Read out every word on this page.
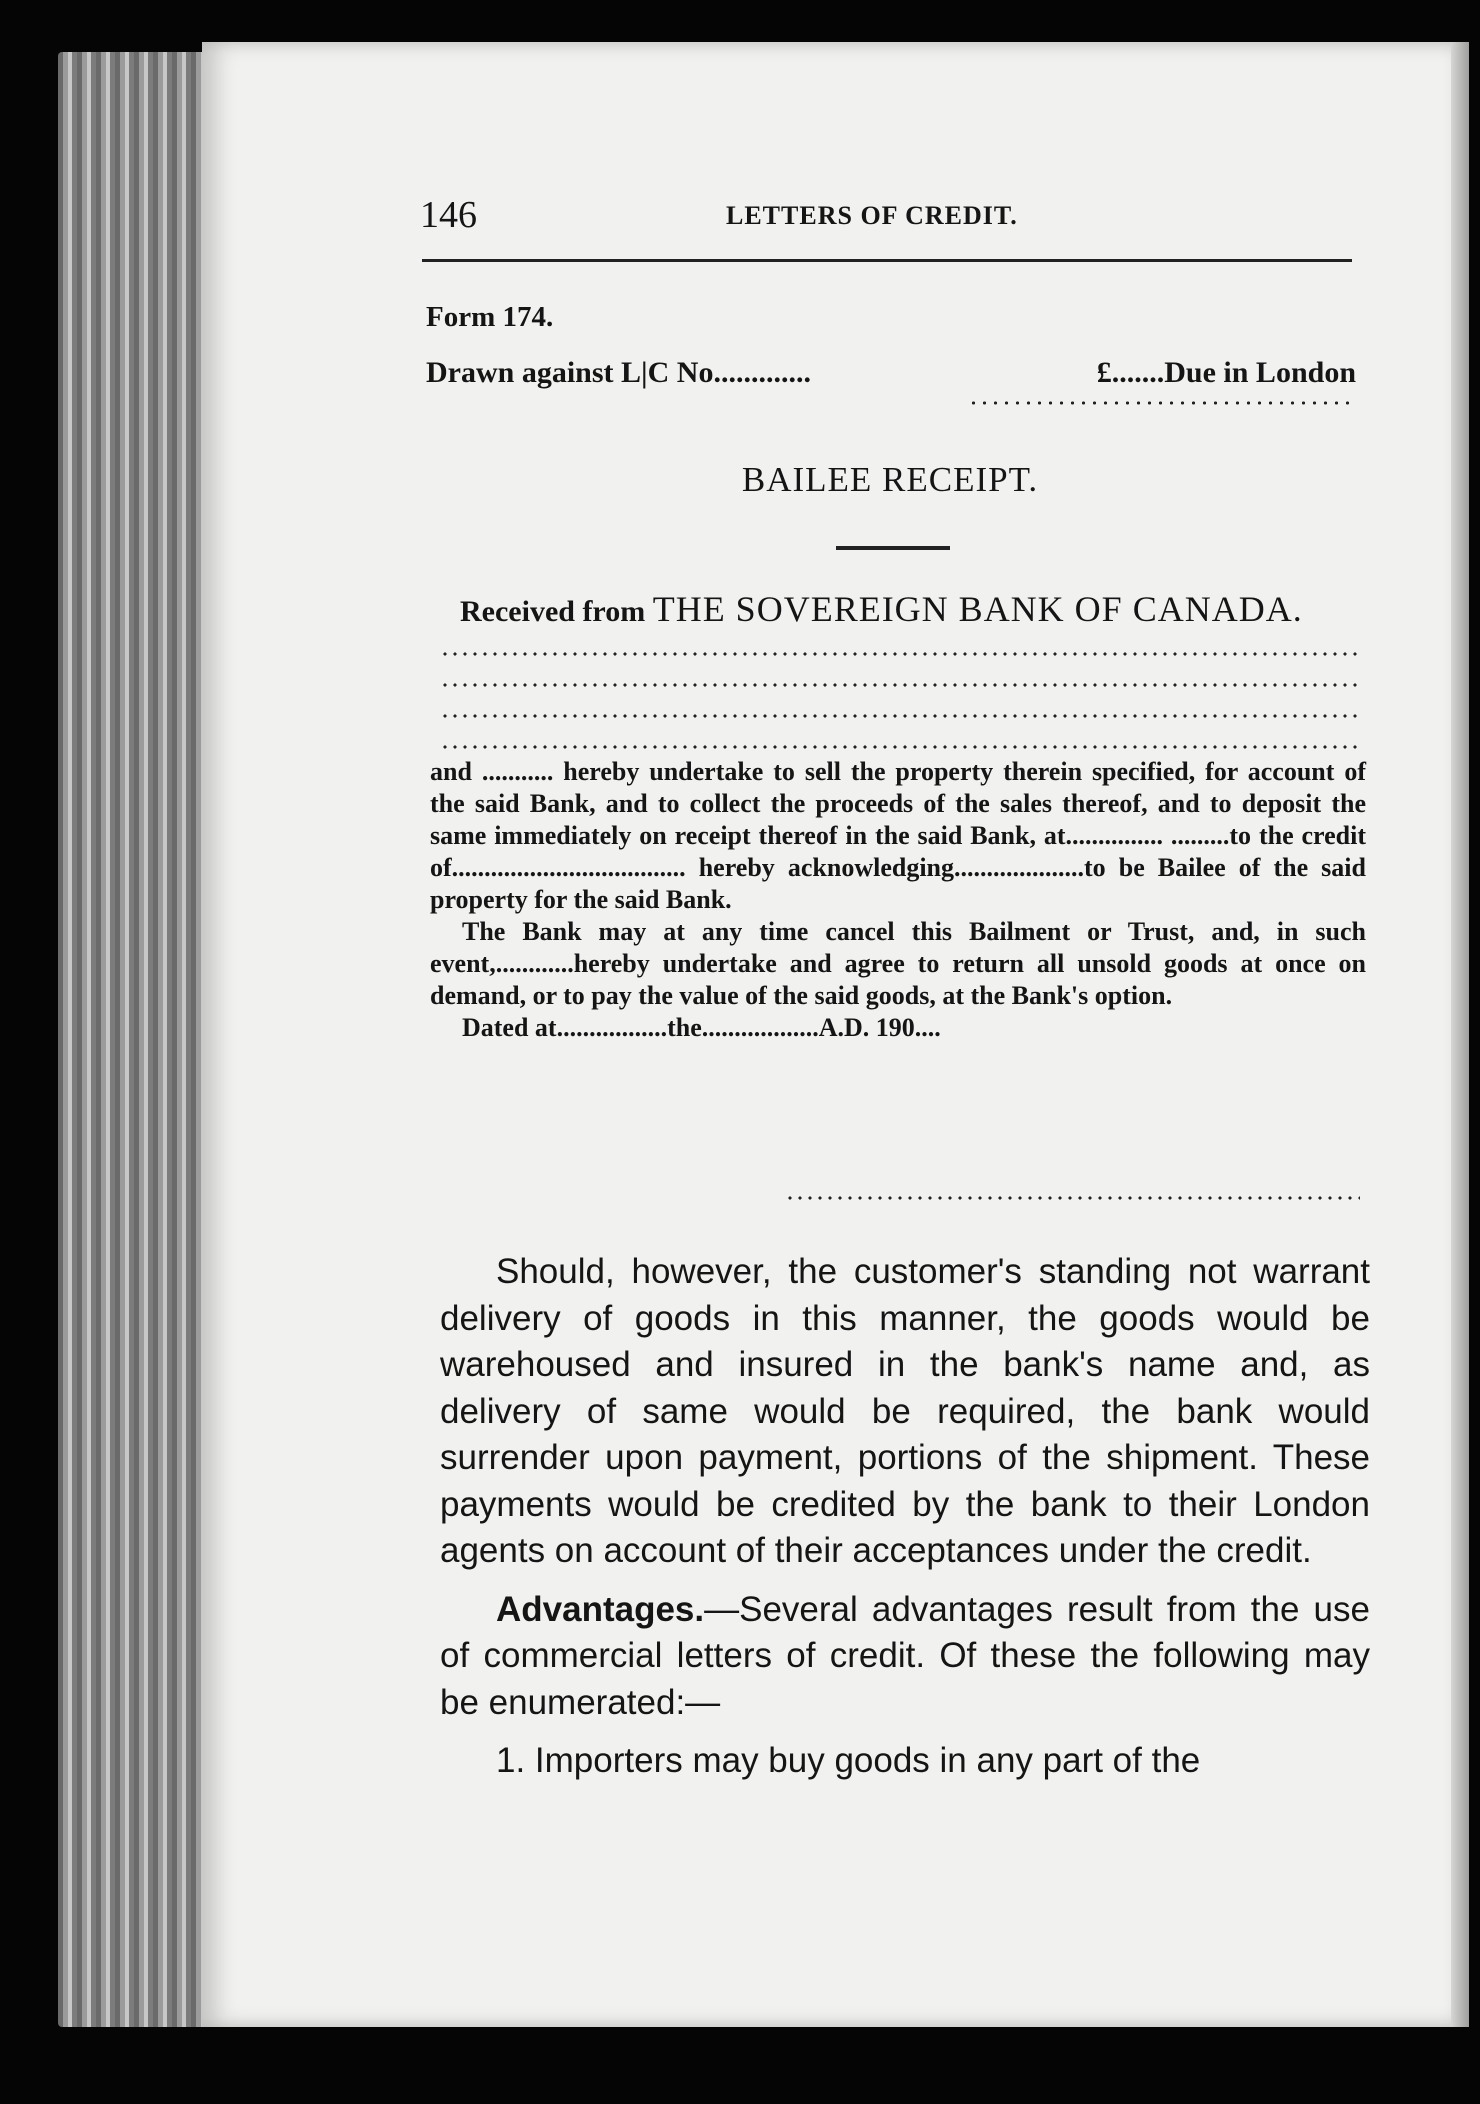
146	LETTERS OF CREDIT.
Form 174.
Drawn against L|C No.............	£.......Due in London
BAILEE RECEIPT.
Received from THE SOVEREIGN BANK OF CANADA.

and ........... hereby undertake to sell the property therein specified, for account of the said Bank, and to collect the proceeds of the sales thereof, and to deposit the same immediately on receipt thereof in the said Bank, at............... .........to the credit of.................................... hereby acknowledging....................to be Bailee of the said property for the said Bank.

The Bank may at any time cancel this Bailment or Trust, and, in such event,............hereby undertake and agree to return all unsold goods at once on demand, or to pay the value of the said goods, at the Bank's option.

Dated at.................the..................A.D. 190....

Should, however, the customer's standing not warrant delivery of goods in this manner, the goods would be warehoused and insured in the bank's name and, as delivery of same would be required, the bank would surrender upon payment, portions of the shipment. These payments would be credited by the bank to their London agents on account of their acceptances under the credit.

Advantages.—Several advantages result from the use of commercial letters of credit. Of these the following may be enumerated:—

1. Importers may buy goods in any part of the
